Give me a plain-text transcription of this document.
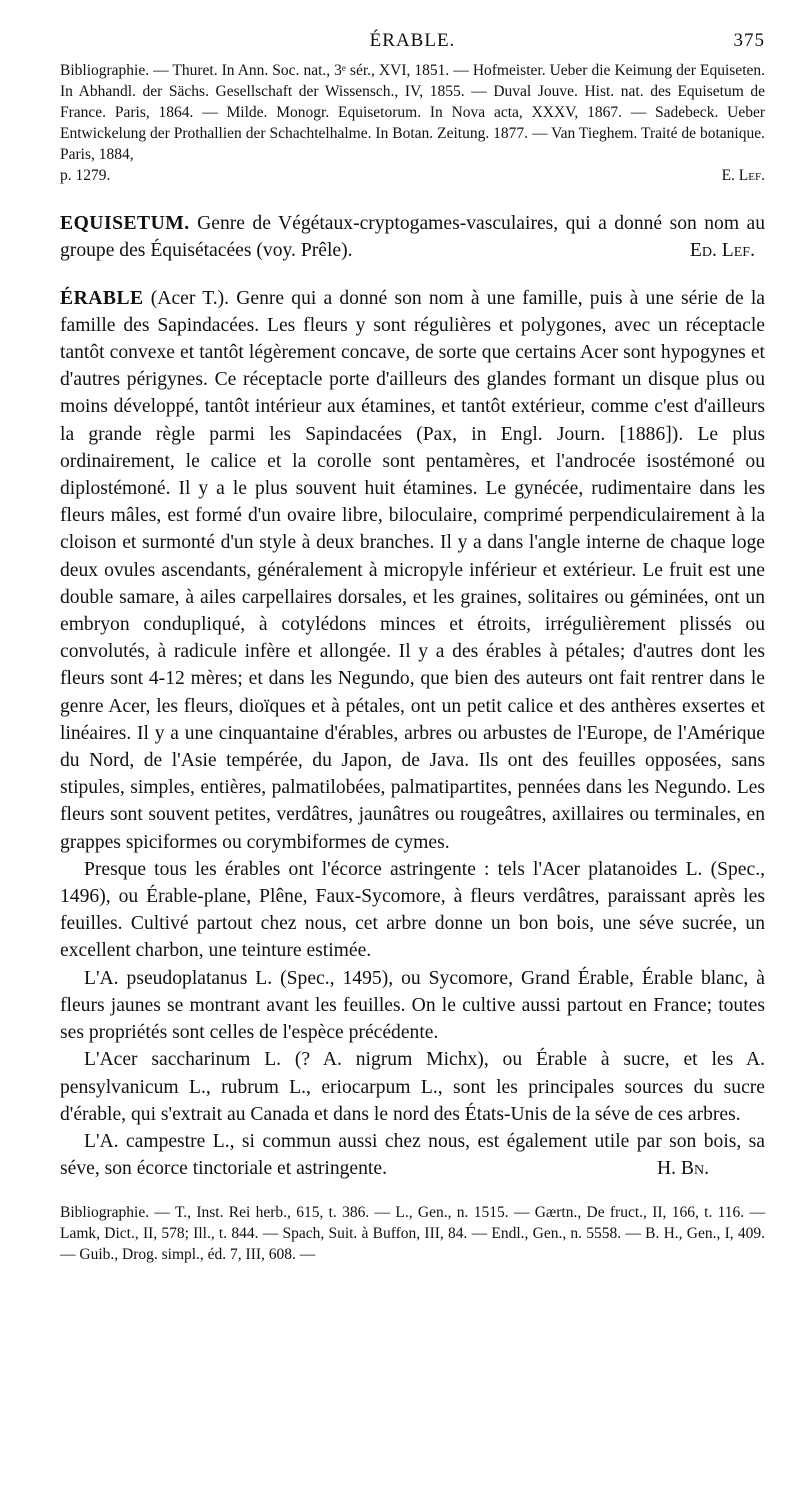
ÉRABLE.	375

Bibliographie. — Thuret. In Ann. Soc. nat., 3ᵉ sér., XVI, 1851. — Hofmeister. Ueber die Keimung der Equiseten. In Abhandl. der Sächs. Gesellschaft der Wissensch., IV, 1855. — Duval Jouve. Hist. nat. des Equisetum de France. Paris, 1864. — Milde. Monogr. Equisetorum. In Nova acta, XXXV, 1867. — Sadebeck. Ueber Entwickelung der Prothallien der Schachtelhalme. In Botan. Zeitung. 1877. — Van Tieghem. Traité de botanique. Paris, 1884,

p. 1279.	E. Lef.

EQUISETUM. Genre de Végétaux-cryptogames-vasculaires, qui a donné son nom au groupe des Équisétacées (voy. Prêle).	Ed. Lef.

ÉRABLE (Acer T.). Genre qui a donné son nom à une famille, puis à une série de la famille des Sapindacées. Les fleurs y sont régulières et polygones, avec un réceptacle tantôt convexe et tantôt légèrement concave, de sorte que certains Acer sont hypogynes et d'autres périgynes. Ce réceptacle porte d'ailleurs des glandes formant un disque plus ou moins développé, tantôt intérieur aux étamines, et tantôt extérieur, comme c'est d'ailleurs la grande règle parmi les Sapindacées (Pax, in Engl. Journ. [1886]). Le plus ordinairement, le calice et la corolle sont pentamères, et l'androcée isostémoné ou diplostémoné. Il y a le plus souvent huit étamines. Le gynécée, rudimentaire dans les fleurs mâles, est formé d'un ovaire libre, biloculaire, comprimé perpendiculairement à la cloison et surmonté d'un style à deux branches. Il y a dans l'angle interne de chaque loge deux ovules ascendants, généralement à micropyle inférieur et extérieur. Le fruit est une double samare, à ailes carpellaires dorsales, et les graines, solitaires ou géminées, ont un embryon condupliqué, à cotylédons minces et étroits, irrégulièrement plissés ou convolutés, à radicule infère et allongée. Il y a des érables à pétales; d'autres dont les fleurs sont 4-12 mères; et dans les Negundo, que bien des auteurs ont fait rentrer dans le genre Acer, les fleurs, dioïques et à pétales, ont un petit calice et des anthères exsertes et linéaires. Il y a une cinquantaine d'érables, arbres ou arbustes de l'Europe, de l'Amérique du Nord, de l'Asie tempérée, du Japon, de Java. Ils ont des feuilles opposées, sans stipules, simples, entières, palmatilobées, palmatipartites, pennées dans les Negundo. Les fleurs sont souvent petites, verdâtres, jaunâtres ou rougeâtres, axillaires ou terminales, en grappes spiciformes ou corymbiformes de cymes.

Presque tous les érables ont l'écorce astringente : tels l'Acer platanoides L. (Spec., 1496), ou Érable-plane, Plêne, Faux-Sycomore, à fleurs verdâtres, paraissant après les feuilles. Cultivé partout chez nous, cet arbre donne un bon bois, une séve sucrée, un excellent charbon, une teinture estimée.

L'A. pseudoplatanus L. (Spec., 1495), ou Sycomore, Grand Érable, Érable blanc, à fleurs jaunes se montrant avant les feuilles. On le cultive aussi partout en France; toutes ses propriétés sont celles de l'espèce précédente.

L'Acer saccharinum L. (? A. nigrum Michx), ou Érable à sucre, et les A. pensylvanicum L., rubrum L., eriocarpum L., sont les principales sources du sucre d'érable, qui s'extrait au Canada et dans le nord des États-Unis de la séve de ces arbres.

L'A. campestre L., si commun aussi chez nous, est également utile par son bois, sa séve, son écorce tinctoriale et astringente.	H. Bn.

Bibliographie. — T., Inst. Rei herb., 615, t. 386. — L., Gen., n. 1515. — Gærtn., De fruct., II, 166, t. 116. — Lamk, Dict., II, 578; Ill., t. 844. — Spach, Suit. à Buffon, III, 84. — Endl., Gen., n. 5558. — B. H., Gen., I, 409. — Guib., Drog. simpl., éd. 7, III, 608. —
